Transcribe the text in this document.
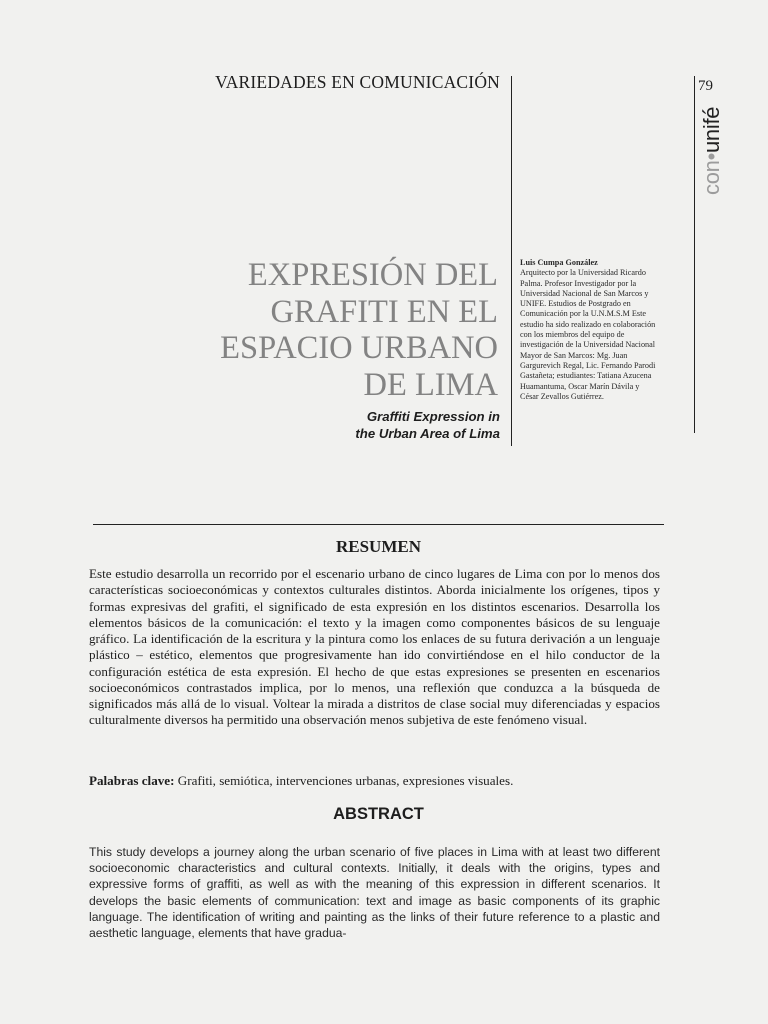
VARIEDADES EN COMUNICACIÓN	79

con•unifé
EXPRESIÓN DEL
GRAFITI EN EL
ESPACIO URBANO
DE LIMA
Graffiti Expression in
the Urban Area of Lima
Luis Cumpa González
Arquitecto por la Universidad Ricardo Palma. Profesor Investigador por la Universidad Nacional de San Marcos y UNIFE. Estudios de Postgrado en Comunicación por la U.N.M.S.M Este estudio ha sido realizado en colaboración con los miembros del equipo de investigación de la Universidad Nacional Mayor de San Marcos: Mg. Juan Gargurevich Regal, Lic. Fernando Parodi Gastañeta; estudiantes: Tatiana Azucena Huamantuma, Oscar Marín Dávila y César Zevallos Gutiérrez.
RESUMEN

Este estudio desarrolla un recorrido por el escenario urbano de cinco lugares de Lima con por lo menos dos características socioeconómicas y contextos culturales distintos. Aborda inicialmente los orígenes, tipos y formas expresivas del grafiti, el significado de esta expresión en los distintos escenarios. Desarrolla los elementos básicos de la comunicación: el texto y la imagen como componentes básicos de su lenguaje gráfico. La identificación de la escritura y la pintura como los enlaces de su futura derivación a un lenguaje plástico – estético, elementos que progresivamente han ido convirtiéndose en el hilo conductor de la configuración estética de esta expresión. El hecho de que estas expresiones se presenten en escenarios socioeconómicos contrastados implica, por lo menos, una reflexión que conduzca a la búsqueda de significados más allá de lo visual. Voltear la mirada a distritos de clase social muy diferenciadas y espacios culturalmente diversos ha permitido una observación menos subjetiva de este fenómeno visual.

Palabras clave: Grafiti, semiótica, intervenciones urbanas, expresiones visuales.

ABSTRACT

This study develops a journey along the urban scenario of five places in Lima with at least two different socioeconomic characteristics and cultural contexts. Initially, it deals with the origins, types and expressive forms of graffiti, as well as with the meaning of this expression in different scenarios. It develops the basic elements of communication: text and image as basic components of its graphic language. The identification of writing and painting as the links of their future reference to a plastic and aesthetic language, elements that have gradua-
